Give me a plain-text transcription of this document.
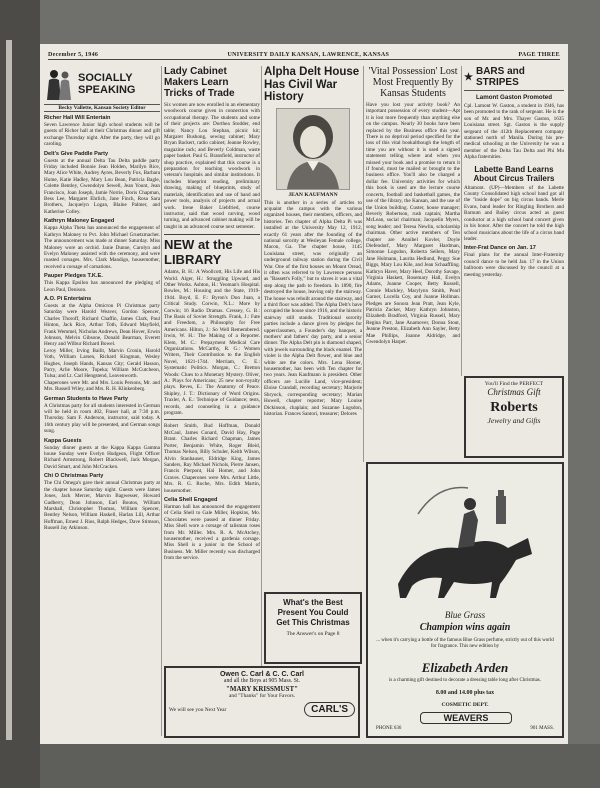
December 5, 1946	UNIVERSITY DAILY KANSAN, LAWRENCE, KANSAS	PAGE THREE
SOCIALLY
SPEAKING
Becky Vallette, Kansan Society Editor
Richer Hall Will Entertain

Seven Lawrence Junior high school students will be guests of Richer hall at their Christmas dinner and gift exchange Thursday night. After the party, they will go caroling.

Delt's Give Paddle Party

Guests at the annual Delta Tau Delta paddle party Friday included Bonnie Jean Holden, Marilyn Rice, Mary Alice White, Audrey Ayres, Beverly Fox, Barbara Hume, Katie Hadley, Mary Lou Bean, Patricia Bagle, Colette Bentley, Gwendolyn Sewell, Jean Yount, Jean Francisco, Joan Joseph, Jamie Norrie, Doris Chapman, Bess Lee, Margaret Ehrlich, Jane Finch, Rosa Sara Brothers, Jacquelyn Logan, Blaine Palmer, and Katherine Colley.

Kathryn Maloney Engaged

Kappa Alpha Theta has announced the engagement of Kathryn Maloney to Pvt. John Michael Gruetzmacher. The announcement was made at dinner Saturday. Miss Maloney wore an orchid. Janie Dunne, Carolyn and Evelyn Maloney assisted with the ceremony, and were roasted corsages. Mrs. Clark Mandigo, housemother, received a corsage of carnations.

Pauper Pledges T.K.E.

This Kappa Epsilon has announced the pledging of Leon Paul, Denison.

A.O. Pi Entertains

Guests at the Alpha Omicron Pi Christmas party Saturday were Harold Weaver, Gordon Spencer, Charles Thoroff, Richard Chaffin, James Clark, Paul Hinton, Jack Rice, Arthur Toth, Edward Mayfield, Frank Wemmel, Nicholas Andrews, Dean Hover, Erwin Johnson, Melvin Gibsone, Donald Bearman, Everett Henry and Wilbur Richard Bowel.

Leroy Miller, Irving Bailit, Marvin Cronin, Harold Voth, William Larsen, Richard Kingman, Wesley Hughes, Joseph Hands, Kansas City; Gerald Hasson, Parry, Arlie Moore, Topeka; William McCutcheon, Tulsa; and Lt. Carl Hengstend, Leavenworth.

Chaperones were Mr. and Mrs. Louis Persons, Mr. and Mrs. Russell Wiley, and Mrs. R. H. Klinkenberg.

German Students to Have Party

A Christmas party for all students interested in German will be held in room 402, Fraser hall, at 7:30 p.m. Thursday. Sam F. Anderson, instructor, said today. A 16th century play will be presented, and German songs sung.

Kappa Guests

Sunday dinner guests at the Kappa Kappa Gamma house Sunday were Evelyn Hudgeon, Flight Officer Richard Armstrong, Robert Blackwell, Jack Morgan, David Smart, and John McCracken.

Chi O Christmas Party

The Chi Omega's gave their annual Christmas party at the chapter house Saturday night. Guests were James Jones, Jack Mercer, Marvin Bagwesser, Howard Gadberry, Dean Johnson, Earl Boutos, William Marshall, Christopher Thomas, William Spencer, Bentley Nelson, William Haskell, Harlan Lill, Arthur Hoffman, Ernest J. Rios, Ralph Hedges, Dave Stimson, Russell Jay Atkinson.

Lady Cabinet Makers Learn Tricks of Trade

Six women are now enrolled in an elementary woodwork course given in connection with occupational therapy. The students and some of their projects are: Dorthea Stodder, end table; Nancy Lou Stephan, picnic kit; Margaret Bushong, sewing cabinet; Mary Bryan Backert, radio cabinet; Jeanne Rowley, magazine rack; and Beverly Coldman, waste paper basket. Paul G. Bransfield, instructor of shop practice, explained that this course is a preparation for teaching woodwork in veteran's hospitals and similar institutions. It includes blueprint reading, preliminary drawing, making of blueprints, study of materials, identification and use of hand and power tools, analysis of projects and actual work. Irene Baker Liebfried, course instructor, said that wood carving, wood turning, and advanced cabinet making will be taught in an advanced course next semester.

NEW at the LIBRARY

Adams, B. H.: A Woollcott, His Life and His World. Alger, H.: Struggling Upward, and Other Works. Ashton, H.: Yeoman's Hospital. Bowles, M.: Housing and the State, 1919-1944. Boyd, E. F.: Byron's Don Juan, a Critical Study. Corwin, N.L.: More by Corwin; 16 Radio Dramas. Cressey, G. B.: The Basis of Soviet Strength. Frank, J.: Fate and Freedom, a Philosophy for Free Americans. Hilton, J.: So Well Remembered. Irwin, W. H.: The Making of a Reporter. Klem, M. C.: Prepayment Medical Care Organizations. McCarthy, R. G.: Women Writers, Their Contribution to the English Novel, 1621-1744. Merriam, C. E.: Systematic Politics. Morgan, C.: Bretton Woods: Clues to a Monetary Mystery. Oliver, A.: Plays for Americans; 25 new non-royalty plays. Reves, E.: The Anatomy of Peace. Shipley, J. T.: Dictionary of Word Origins. Traxler, A. E.: Technique of Guidance; tests, records, and counseling in a guidance program.

Robert Smith, Bud Hoffman, Donald McCaul, James Conard, David Hay, Page Brant. Charles Richard Chapman, James Porter, Benjamin White, Roger Bleid, Thomas Nelson, Billy Schuler, Keith Wilson, Alvin Stanhauser, Eldridge King, James Sanders, Ray Michael Nichols, Pierre Jansen, Francis Pierpont, Hal Homer, and John Graves. Chaperones were Mrs. Arthur Little, Mrs. R. G. Roche, Mrs. Edith Martin, housemother.

Celia Shell Engaged

Harman hall has announced the engagement of Celia Shell to Gale Miller, Hopkins, Mo. Chocolates were passed at dinner Friday. Miss Shell wore a corsage of talisman roses from Mr. Miller. Mrs. R. A. McAtchey, housemother, received a gardenia corsage. Miss Shell is a junior in the School of Business. Mr. Miller recently was discharged from the service.

Alpha Delt House Has Civil War History
JEAN KAUFMANN

This is another in a series of articles to acquaint the campus with the various organized houses, their members, officers, and histories. Ten chapter of Alpha Delta Pi was installed at the University May 12, 1912, exactly 61 years after the founding of the national sorority at Wesleyan Female college, Macon, Ga. The chapter house, 1145 Louisiana street, was originally an underground railway station during the Civil War. One of the first houses on Mount Oread, it often was referred to by Lawrence persons as "Bassett's Folly," but to slaves it was a vital step along the path to freedom. In 1890, fire destroyed the house, leaving only the stairway. The house was rebuilt around the stairway, and a third floor was added. The Alpha Delt's have occupied the house since 1916, and the historic stairway still stands. Traditional sorority parties include a dance given by pledges for upperclassmen, a Founder's day banquet, a mothers' and fathers' day party, and a senior dinner. The Alpha Delt pin is diamond shaped, with jewels surrounding the black enamel. The violet is the Alpha Delt flower, and blue and white are the colors. Mrs. Lena Horner, housemother, has been with Ten chapter for two years. Jean Kaufmann is president. Other officers are Lucille Land, vice-president; Eloise Crandall, recording secretary; Marjorie Shryock, corresponding secretary; Marian Howell, chapter reporter; Mary Louise Dickinson, chaplain; and Suzanne Logsdon, historian. Frances Santori, treasurer; Delores

'Vital Possession' Lost Most Frequently By Kansas Students

Have you lost your activity book? An important possession of every student—Apt it is lost more frequently than anything else on the campus. Nearly 30 books have been replaced by the Business office this year. There is no deprival period specified for the loss of this vital bookalthough the length of time you are without it is used a signed statement telling where and when you missed your book and a promise to return it if found, must be mailed or brought to the business office. You'll also be charged a dollar fee. University activities for which this book is used are the lecture course concerts, football and basketball games, the use of the library, the Kansan, and the use of the Union building. Custer, house manager; Beverly Robertson, rush captain; Martha McLean, social chairman; Jacquelin Myers, song leader; and Teresa Newlin, scholarship chairman. Other active members of Ten chapter are Annibel Kovler, Doyle Diefendorf, Mary Margaret Hardman, Simonne Logsdon, Roberta Sellers, Mary Jane Holmann, Laurita Hedlund, Peggy Sue Biggs, Mary Lou Kile, and Jean Schaaffling. Kathryn Haver, Mary Heel, Dorothy Savage, Virginia Haskett, Rosemary Hall, Evelyn Adams, Joanne Cooper, Betty Russell, Connie Mackley, Marylynn Smith, Pearl Garner, Lucella Coy, and Joanne Hollman. Pledges are Sonora Jean Pratt, Jean Kyle, Patricia Zucker, Mary Kathryn Johnston, Elizabeth Bradford, Virginia Russell, Mary Regina Parr, Jane Anamover, Donna Stout, Jeanne Preston, Elizabeth Ann Sayler, Betty Mae Phillips, Joanne Aldridge, and Gwendolyn Harper.

★ BARS and STRIPES
Lamont Gaston Promoted

Cpl. Lamont W. Gaston, a student in 1946, has been promoted to the rank of sergeant. He is the son of Mr. and Mrs. Thayer Gaston, 1635 Louisiana street. Sgt. Gaston is the supply sergeant of the 412th Replacement company stationed north of Manila. During his pre-medical schooling at the University he was a member of the Delta Tau Delta and Phi Mu Alpha fraternities.

Labette Band Learns About Circus Trailers

Altamont. (UP)—Members of the Labette County Consolidated high school band got all the "inside dope" on big circus bands. Merle Evans, band leader for Ringling Brothers and Barnum and Bailey circus acted as guest conductor at a high school band concert given in his honor. After the concert he told the high school musicians about the life of a circus band leader.

Inter-Frat Dance on Jan. 17

Final plans for the annual Inter-Fraternity council dance to be held Jan. 17 in the Union ballroom were discussed by the council at a meeting yesterday.

You'll Find the PERFECT
Christmas Gift
Roberts
Jewelry and Gifts
What's the Best
Present You Could
Get This Christmas
The Answer's on Page 8
Owen C. Carl & C. C. Carl
and all the Boys at 905 Mass. St.
"MARY KRISSMUST"
and "Thanks" for Your Favors.
We will see you Next Year	CARL'S
Blue Grass
Champion wins again
... when it's carrying a bottle of the famous Blue Grass perfume, strictly out of this world for fragrance. This new edition by
Elizabeth Arden
is a charming gift destined to decorate a dressing table long after Christmas.
8.00 and 14.00 plus tax
COSMETIC DEPT.
WEAVERS
PHONE 636	901 MASS.
